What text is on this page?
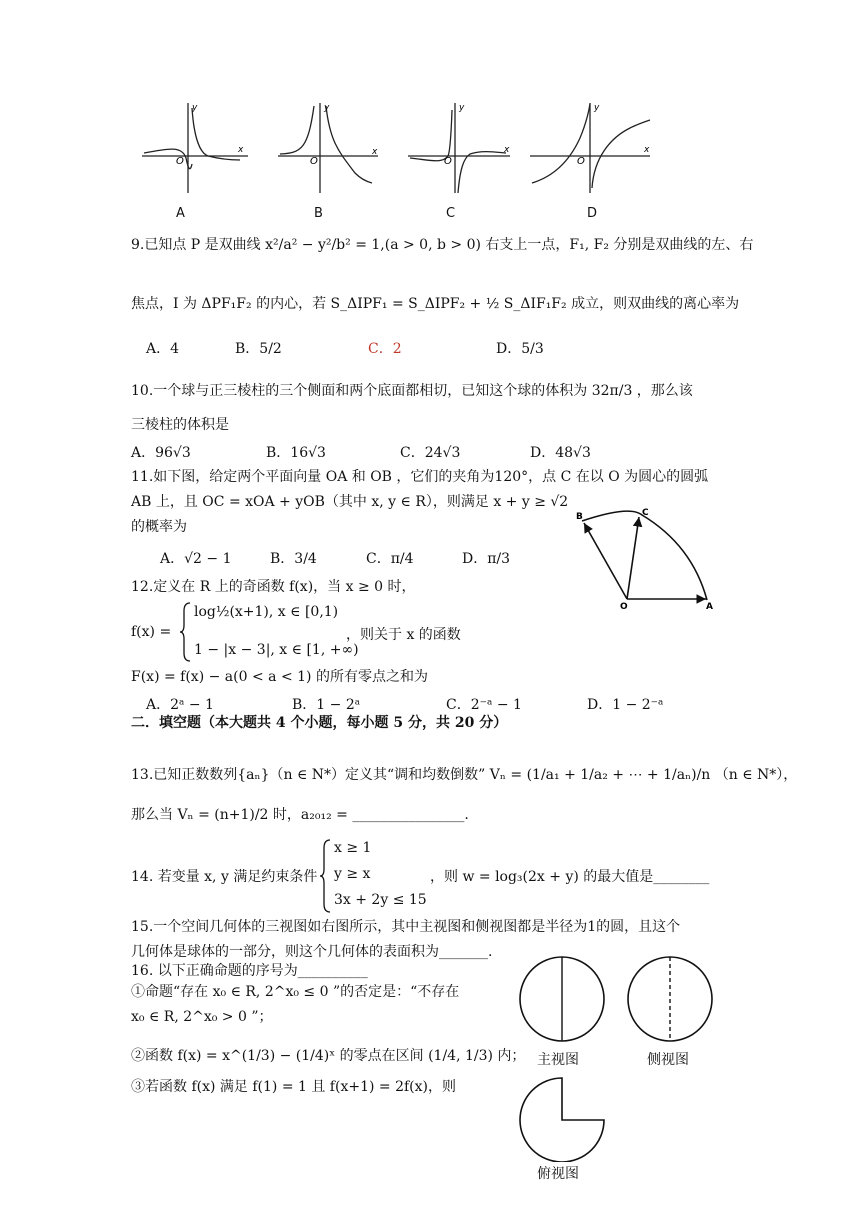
O
x
y
O
x
y
O
x
y
O
x
y
A	B	C	D
9.已知点 P 是双曲线 x²/a² − y²/b² = 1,(a > 0, b > 0) 右支上一点，F₁, F₂ 分别是双曲线的左、右
焦点，I 为 ΔPF₁F₂ 的内心，若 S_ΔIPF₁ = S_ΔIPF₂ + ½ S_ΔIF₁F₂ 成立，则双曲线的离心率为
A．4	B．5/2	C．2	D．5/3
10.一个球与正三棱柱的三个侧面和两个底面都相切，已知这个球的体积为 32π/3 ，那么该
三棱柱的体积是
A．96√3	B．16√3	C．24√3	D．48√3
11.如下图，给定两个平面向量 OA 和 OB ，它们的夹角为120°，点 C 在以 O 为圆心的圆弧
AB 上，且 OC = xOA + yOB（其中 x, y ∈ R），则满足 x + y ≥ √2
的概率为
A．√2 − 1	B．3/4	C．π/4	D．π/3
B	C
O	A
12.定义在 R 上的奇函数 f(x)，当 x ≥ 0 时，
f(x) =
log½(x+1), x ∈ [0,1)
1 − |x − 3|, x ∈ [1, +∞)
，则关于 x 的函数
F(x) = f(x) − a(0 < a < 1) 的所有零点之和为
A．2ᵃ − 1	B．1 − 2ᵃ	C．2⁻ᵃ − 1	D．1 − 2⁻ᵃ
二．填空题（本大题共 4 个小题，每小题 5 分，共 20 分）
13.已知正数数列{aₙ}（n ∈ N*）定义其“调和均数倒数” Vₙ = (1/a₁ + 1/a₂ + ⋯ + 1/aₙ)/n （n ∈ N*），
那么当 Vₙ = (n+1)/2 时，a₂₀₁₂ = ________________.
14. 若变量 x, y 满足约束条件
x ≥ 1
y ≥ x
3x + 2y ≤ 15
，则 w = log₃(2x + y) 的最大值是________
15.一个空间几何体的三视图如右图所示，其中主视图和侧视图都是半径为1的圆，且这个
几何体是球体的一部分，则这个几何体的表面积为_______.
16. 以下正确命题的序号为__________
①命题“存在 x₀ ∈ R, 2^x₀ ≤ 0 ”的否定是：“不存在
x₀ ∈ R, 2^x₀ > 0 ”；
②函数 f(x) = x^(1/3) − (1/4)ˣ 的零点在区间 (1/4, 1/3) 内；
③若函数 f(x) 满足 f(1) = 1 且 f(x+1) = 2f(x)，则
主视图	侧视图
俯视图
